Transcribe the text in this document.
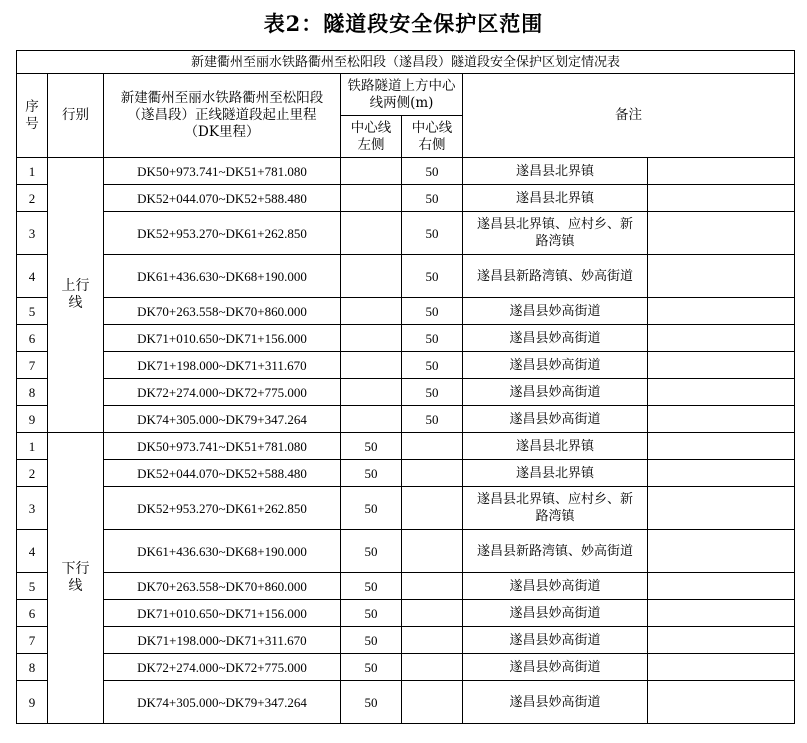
表2：隧道段安全保护区范围
新建衢州至丽水铁路衢州至松阳段（遂昌段）隧道段安全保护区划定情况表						
序号	行别	新建衢州至丽水铁路衢州至松阳段
（遂昌段）正线隧道段起止里程
（DK里程）	铁路隧道上方中心线两侧(m)		备注	
			中心线左侧	中心线右侧		
1	上行线	DK50+973.741~DK51+781.080		50	遂昌县北界镇	
2		DK52+044.070~DK52+588.480		50	遂昌县北界镇	
3		DK52+953.270~DK61+262.850		50	遂昌县北界镇、应村乡、新路湾镇	
4		DK61+436.630~DK68+190.000		50	遂昌县新路湾镇、妙高街道	
5		DK70+263.558~DK70+860.000		50	遂昌县妙高街道	
6		DK71+010.650~DK71+156.000		50	遂昌县妙高街道	
7		DK71+198.000~DK71+311.670		50	遂昌县妙高街道	
8		DK72+274.000~DK72+775.000		50	遂昌县妙高街道	
9		DK74+305.000~DK79+347.264		50	遂昌县妙高街道	
1	下行线	DK50+973.741~DK51+781.080	50		遂昌县北界镇	
2		DK52+044.070~DK52+588.480	50		遂昌县北界镇	
3		DK52+953.270~DK61+262.850	50		遂昌县北界镇、应村乡、新路湾镇	
4		DK61+436.630~DK68+190.000	50		遂昌县新路湾镇、妙高街道	
5		DK70+263.558~DK70+860.000	50		遂昌县妙高街道	
6		DK71+010.650~DK71+156.000	50		遂昌县妙高街道	
7		DK71+198.000~DK71+311.670	50		遂昌县妙高街道	
8		DK72+274.000~DK72+775.000	50		遂昌县妙高街道	
9		DK74+305.000~DK79+347.264	50		遂昌县妙高街道	
